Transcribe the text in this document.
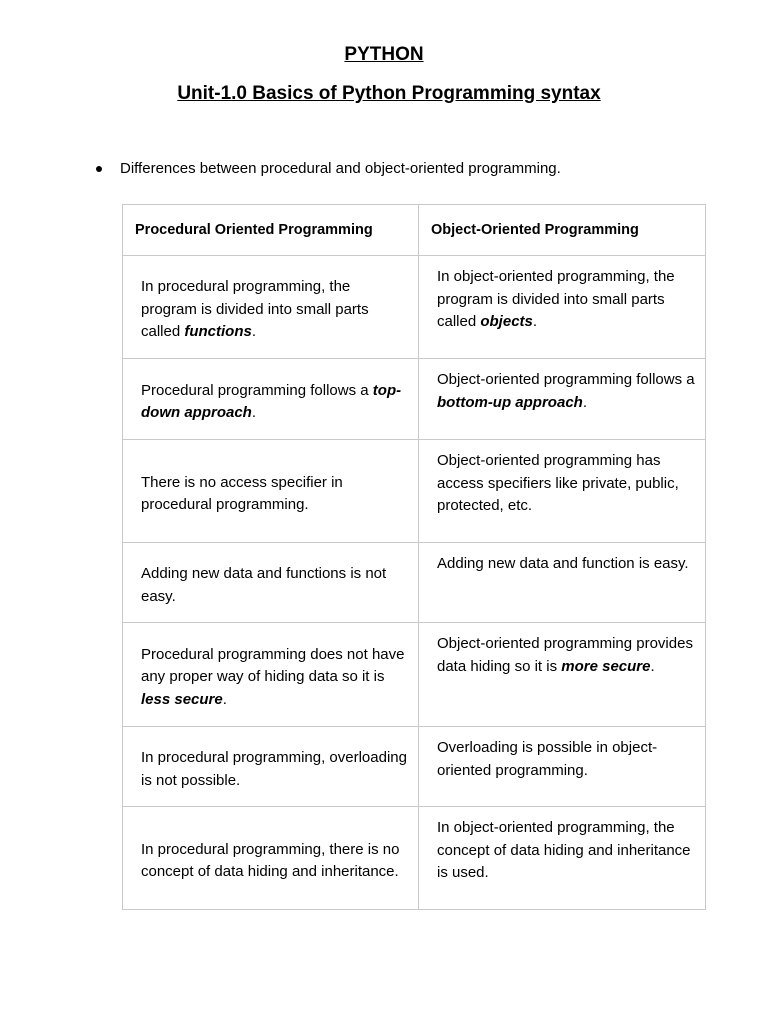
PYTHON
Unit-1.0 Basics of Python Programming syntax
Differences between procedural and object-oriented programming.
Procedural Oriented Programming	Object-Oriented Programming

In procedural programming, the program is divided into small parts called functions.	In object-oriented programming, the program is divided into small parts called objects.

Procedural programming follows a top-down approach.	Object-oriented programming follows a bottom-up approach.

There is no access specifier in procedural programming.	Object-oriented programming has access specifiers like private, public, protected, etc.

Adding new data and functions is not easy.	Adding new data and function is easy.

Procedural programming does not have any proper way of hiding data so it is less secure.	Object-oriented programming provides data hiding so it is more secure.

In procedural programming, overloading is not possible.	Overloading is possible in object-oriented programming.

In procedural programming, there is no concept of data hiding and inheritance.	In object-oriented programming, the concept of data hiding and inheritance is used.
